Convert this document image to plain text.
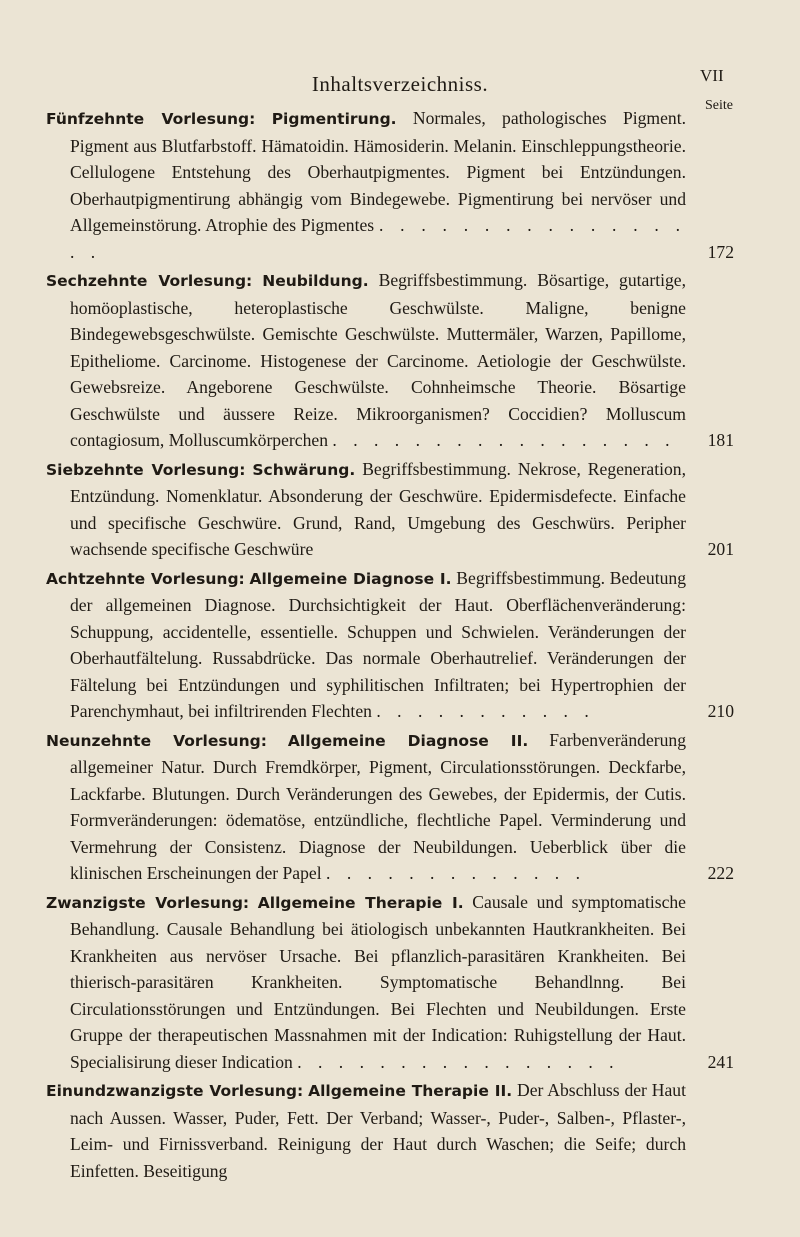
Inhaltsverzeichniss.	VII
Seite
Fünfzehnte Vorlesung: Pigmentirung. Normales, pathologisches Pigment. Pigment aus Blutfarbstoff. Hämatoidin. Hämosiderin. Melanin. Einschleppungstheorie. Cellulogene Entstehung des Oberhautpigmentes. Pigment bei Entzündungen. Oberhautpigmentirung abhängig vom Bindegewebe. Pigmentirung bei nervöser und Allgemeinstörung. Atrophie des Pigmentes . . . . . . . . . . . . . . . . .	172
Sechzehnte Vorlesung: Neubildung. Begriffsbestimmung. Bösartige, gutartige, homöoplastische, heteroplastische Geschwülste. Maligne, benigne Bindegewebsgeschwülste. Gemischte Geschwülste. Muttermäler, Warzen, Papillome, Epitheliome. Carcinome. Histogenese der Carcinome. Aetiologie der Geschwülste. Gewebsreize. Angeborene Geschwülste. Cohnheimsche Theorie. Bösartige Geschwülste und äussere Reize. Mikroorganismen? Coccidien? Molluscum contagiosum, Molluscumkörperchen . . . . . . . . . . . . . . . . .	181
Siebzehnte Vorlesung: Schwärung. Begriffsbestimmung. Nekrose, Regeneration, Entzündung. Nomenklatur. Absonderung der Geschwüre. Epidermisdefecte. Einfache und specifische Geschwüre. Grund, Rand, Umgebung des Geschwürs. Peripher wachsende specifische Geschwüre	201
Achtzehnte Vorlesung: Allgemeine Diagnose I. Begriffsbestimmung. Bedeutung der allgemeinen Diagnose. Durchsichtigkeit der Haut. Oberflächenveränderung: Schuppung, accidentelle, essentielle. Schuppen und Schwielen. Veränderungen der Oberhautfältelung. Russabdrücke. Das normale Oberhautrelief. Veränderungen der Fältelung bei Entzündungen und syphilitischen Infiltraten; bei Hypertrophien der Parenchymhaut, bei infiltrirenden Flechten . . . . . . . . . . .	210
Neunzehnte Vorlesung: Allgemeine Diagnose II. Farbenveränderung allgemeiner Natur. Durch Fremdkörper, Pigment, Circulationsstörungen. Deckfarbe, Lackfarbe. Blutungen. Durch Veränderungen des Gewebes, der Epidermis, der Cutis. Formveränderungen: ödematöse, entzündliche, flechtliche Papel. Verminderung und Vermehrung der Consistenz. Diagnose der Neubildungen. Ueberblick über die klinischen Erscheinungen der Papel . . . . . . . . . . . . .	222
Zwanzigste Vorlesung: Allgemeine Therapie I. Causale und symptomatische Behandlung. Causale Behandlung bei ätiologisch unbekannten Hautkrankheiten. Bei Krankheiten aus nervöser Ursache. Bei pflanzlich-parasitären Krankheiten. Bei thierisch-parasitären Krankheiten. Symptomatische Behandlnng. Bei Circulationsstörungen und Entzündungen. Bei Flechten und Neubildungen. Erste Gruppe der therapeutischen Massnahmen mit der Indication: Ruhigstellung der Haut. Specialisirung dieser Indication . . . . . . . . . . . . . . . .	241
Einundzwanzigste Vorlesung: Allgemeine Therapie II. Der Abschluss der Haut nach Aussen. Wasser, Puder, Fett. Der Verband; Wasser-, Puder-, Salben-, Pflaster-, Leim- und Firnissverband. Reinigung der Haut durch Waschen; die Seife; durch Einfetten. Beseitigung
